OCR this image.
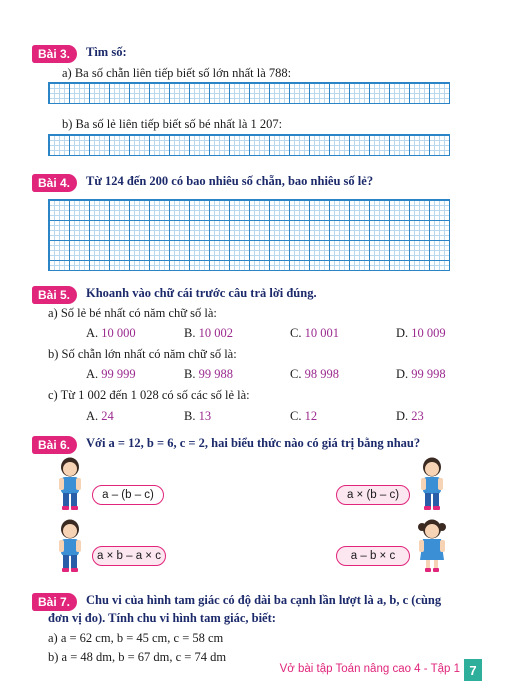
Bài 3.	Tìm số:
a) Ba số chẵn liên tiếp biết số lớn nhất là 788:
b) Ba số lẻ liên tiếp biết số bé nhất là 1 207:
Bài 4.	Từ 124 đến 200 có bao nhiêu số chẵn, bao nhiêu số lẻ?
Bài 5.	Khoanh vào chữ cái trước câu trả lời đúng.
a) Số lẻ bé nhất có năm chữ số là:
A. 10 000	B. 10 002	C. 10 001	D. 10 009
b) Số chẵn lớn nhất có năm chữ số là:
A. 99 999	B. 99 988	C. 98 998	D. 99 998
c) Từ 1 002 đến 1 028 có số các số lẻ là:
A. 24	B. 13	C. 12	D. 23
Bài 6.	Với a = 12, b = 6, c = 2, hai biểu thức nào có giá trị bằng nhau?
a – (b – c)	a × (b – c)
a × b – a × c	a – b × c
Bài 7.	Chu vi của hình tam giác có độ dài ba cạnh lần lượt là a, b, c (cùng
đơn vị đo). Tính chu vi hình tam giác, biết:
a) a = 62 cm, b = 45 cm, c = 58 cm
b) a = 48 dm, b = 67 dm, c = 74 dm
Vở bài tập Toán nâng cao 4 - Tập 1 7
